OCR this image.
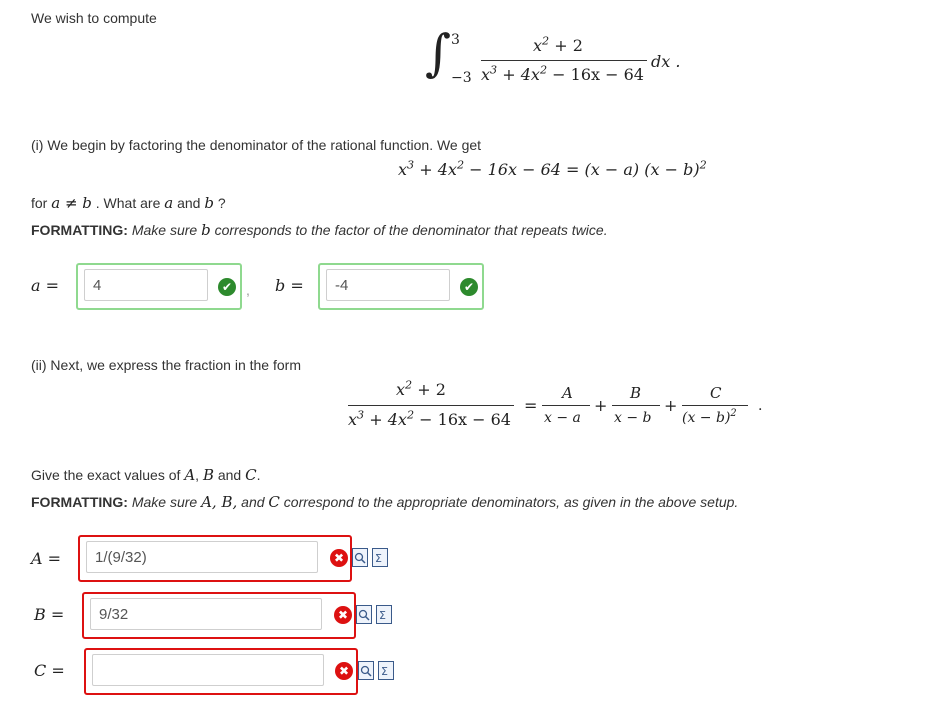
We wish to compute
∫ 3
−3
$x^2 + 2$
$x^3 + 4x^2 - 16x - 64$
dx .
(i) We begin by factoring the denominator of the rational function. We get
$x^3 + 4x^2 - 16x - 64 = (x - a) (x - b)^2$
for a ≠ b . What are a and b ?
FORMATTING: Make sure b corresponds to the factor of the denominator that repeats twice.
a =
4	✔ , b =
-4	✔
(ii) Next, we express the fraction in the form
$x^2 + 2$
$x^3 + 4x^2 - 16x - 64$
=
A
x − a
+
B
x − b
+
C
$(x - b)^2$ .
Give the exact values of A, B and C.
FORMATTING: Make sure A, B, and C correspond to the appropriate denominators, as given in the above setup.
A =
1/(9/32)	✖	Σ
B =
9/32	✖	Σ
C =	✖	Σ
